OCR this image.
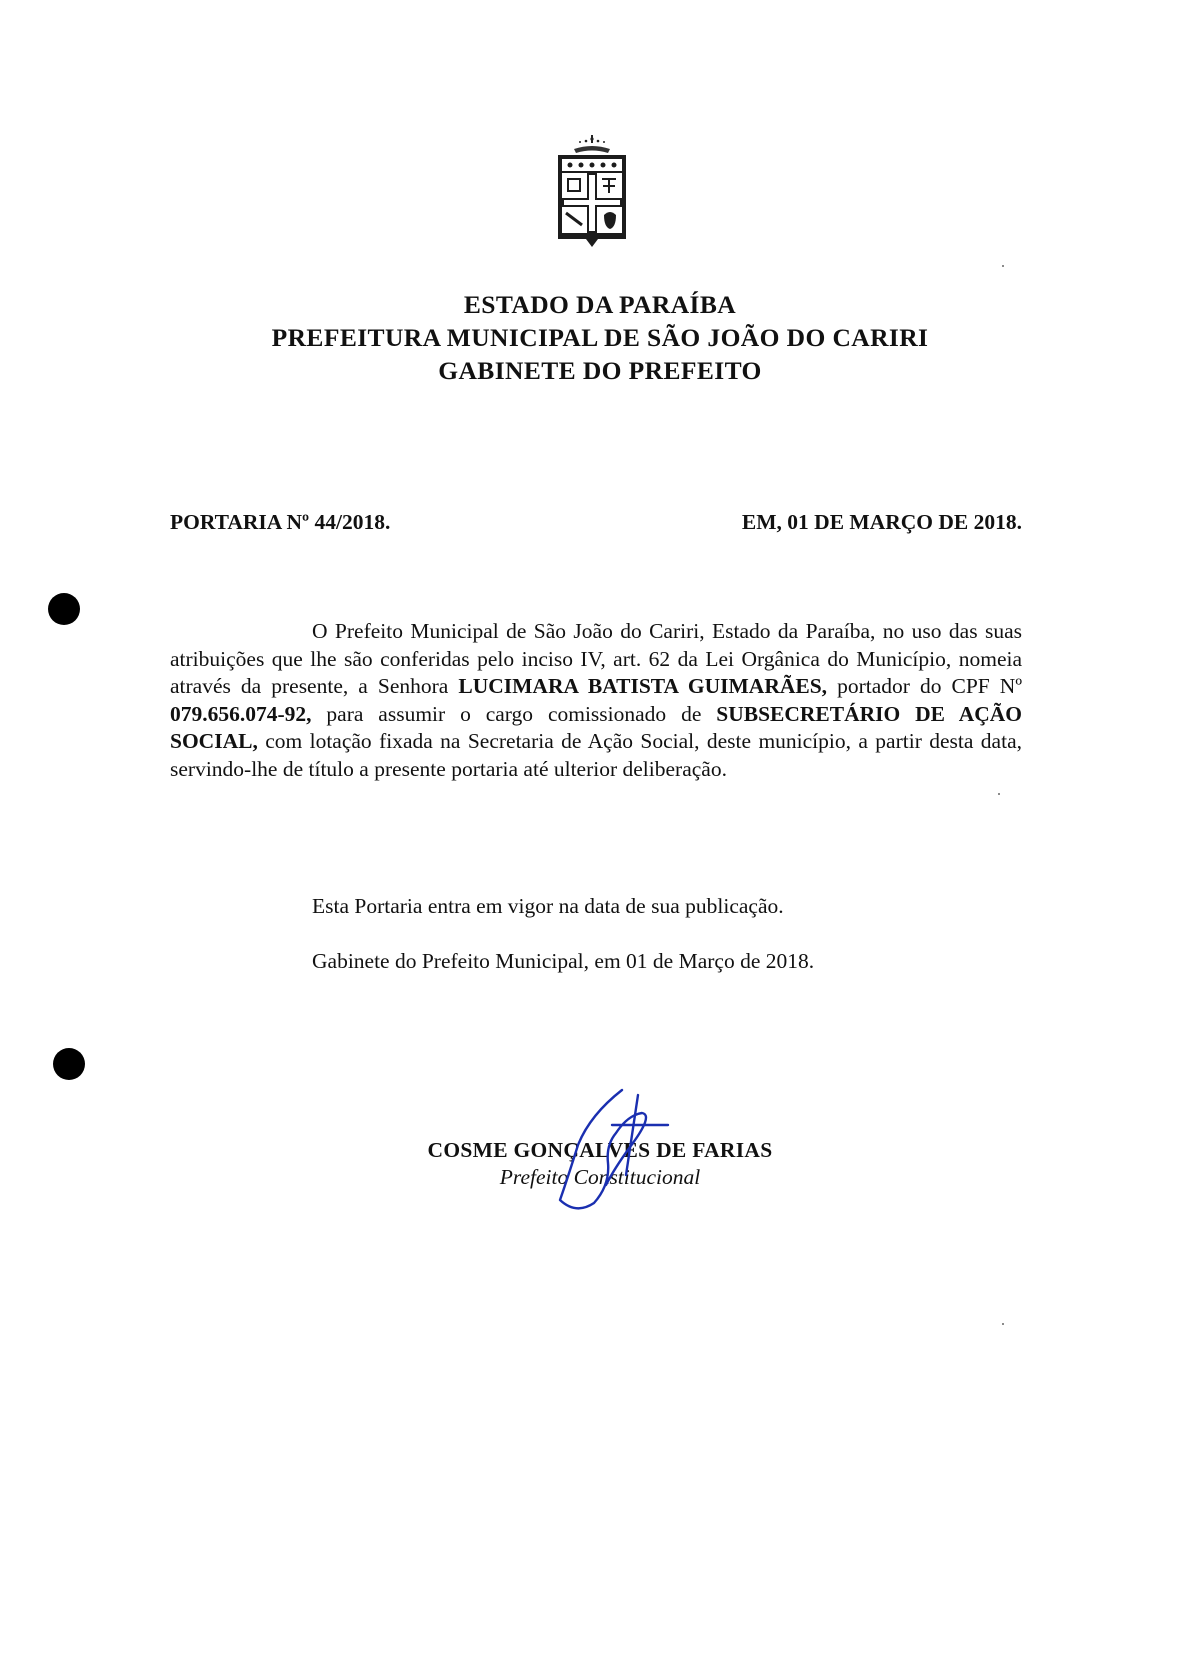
ESTADO DA PARAÍBA
PREFEITURA MUNICIPAL DE SÃO JOÃO DO CARIRI
GABINETE DO PREFEITO
PORTARIA Nº 44/2018.	EM, 01 DE MARÇO DE 2018.
O Prefeito Municipal de São João do Cariri, Estado da Paraíba, no uso das suas atribuições que lhe são conferidas pelo inciso IV, art. 62 da Lei Orgânica do Município, nomeia através da presente, a Senhora LUCIMARA BATISTA GUIMARÃES, portador do CPF Nº 079.656.074-92, para assumir o cargo comissionado de SUBSECRETÁRIO DE AÇÃO SOCIAL, com lotação fixada na Secretaria de Ação Social, deste município, a partir desta data, servindo-lhe de título a presente portaria até ulterior deliberação.
Esta Portaria entra em vigor na data de sua publicação.
Gabinete do Prefeito Municipal, em 01 de Março de 2018.
COSME GONÇALVES DE FARIAS
Prefeito Constitucional
